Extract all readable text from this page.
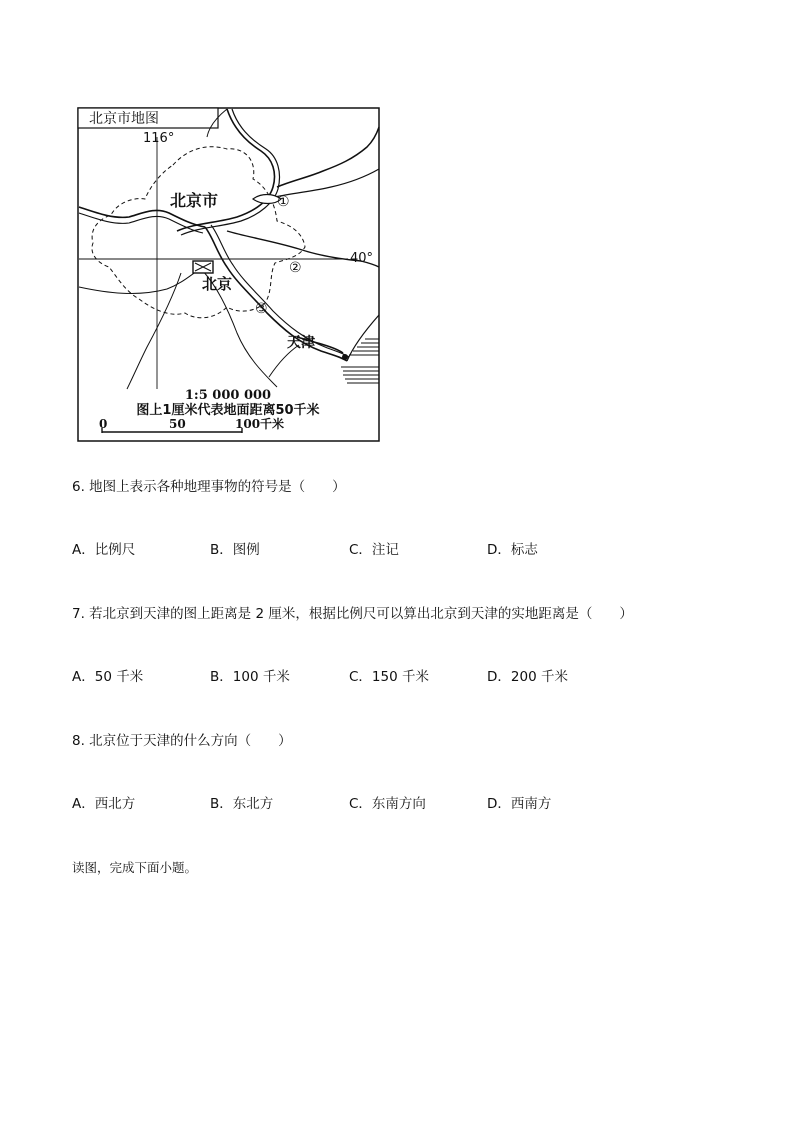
北京市地图
116°
40°
北京市
北京
天津
①
②
③
1:5 000 000
图上1厘米代表地面距离50千米
0	50	100千米
6. 地图上表示各种地理事物的符号是（　　）
A．比例尺	B．图例	C．注记	D．标志
7. 若北京到天津的图上距离是 2 厘米，根据比例尺可以算出北京到天津的实地距离是（　　）
A．50 千米	B．100 千米	C．150 千米	D．200 千米
8. 北京位于天津的什么方向（　　）
A．西北方	B．东北方	C．东南方向	D．西南方
读图，完成下面小题。
